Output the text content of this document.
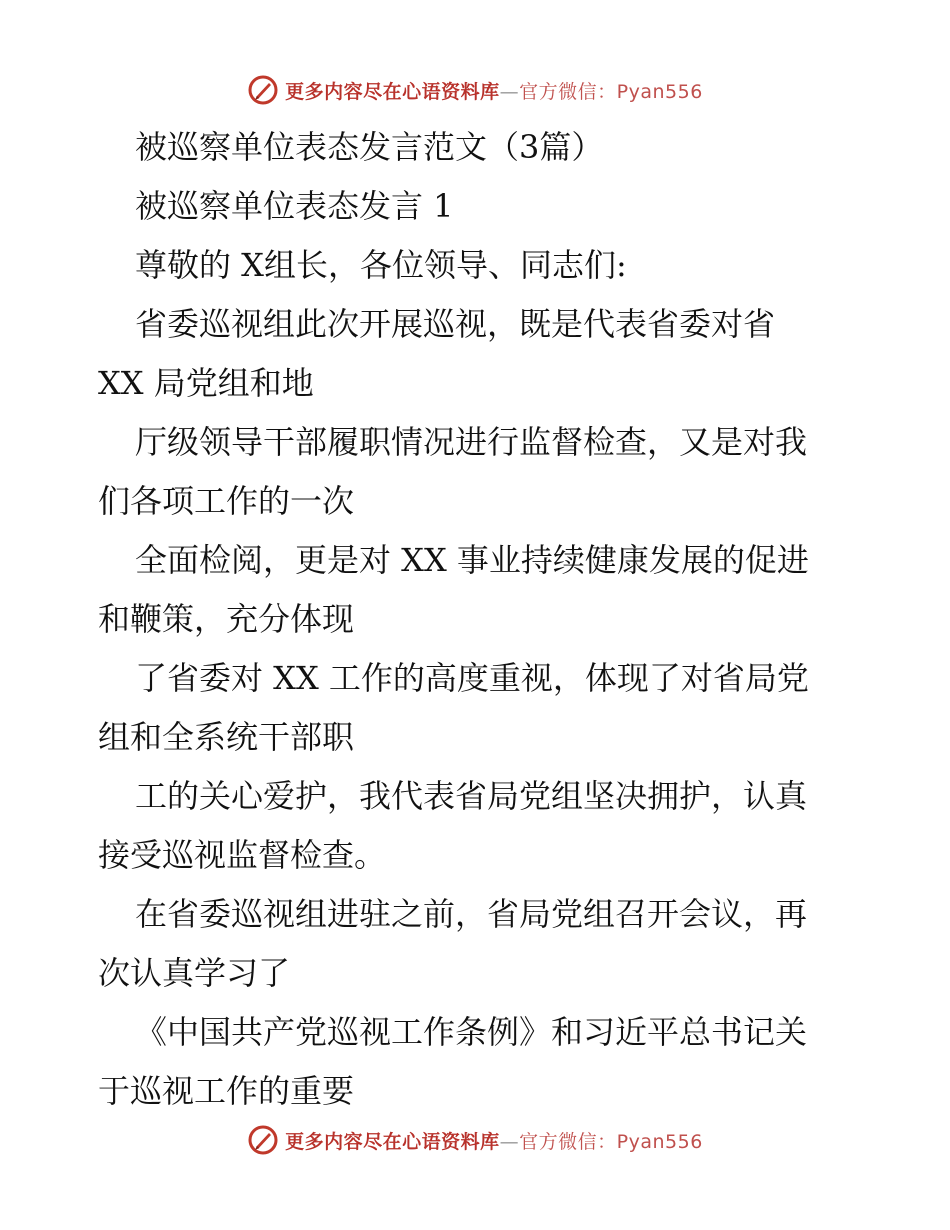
更多内容尽在心语资料库—官方微信：Pyan556
被巡察单位表态发言范文（3篇）
被巡察单位表态发言 1
尊敬的 X组长，各位领导、同志们:
省委巡视组此次开展巡视，既是代表省委对省
XX 局党组和地
厅级领导干部履职情况进行监督检查，又是对我
们各项工作的一次
全面检阅，更是对 XX 事业持续健康发展的促进
和鞭策，充分体现
了省委对 XX 工作的高度重视，体现了对省局党
组和全系统干部职
工的关心爱护，我代表省局党组坚决拥护，认真
接受巡视监督检查。
在省委巡视组进驻之前，省局党组召开会议，再
次认真学习了
《中国共产党巡视工作条例》和习近平总书记关
于巡视工作的重要
更多内容尽在心语资料库—官方微信：Pyan556
